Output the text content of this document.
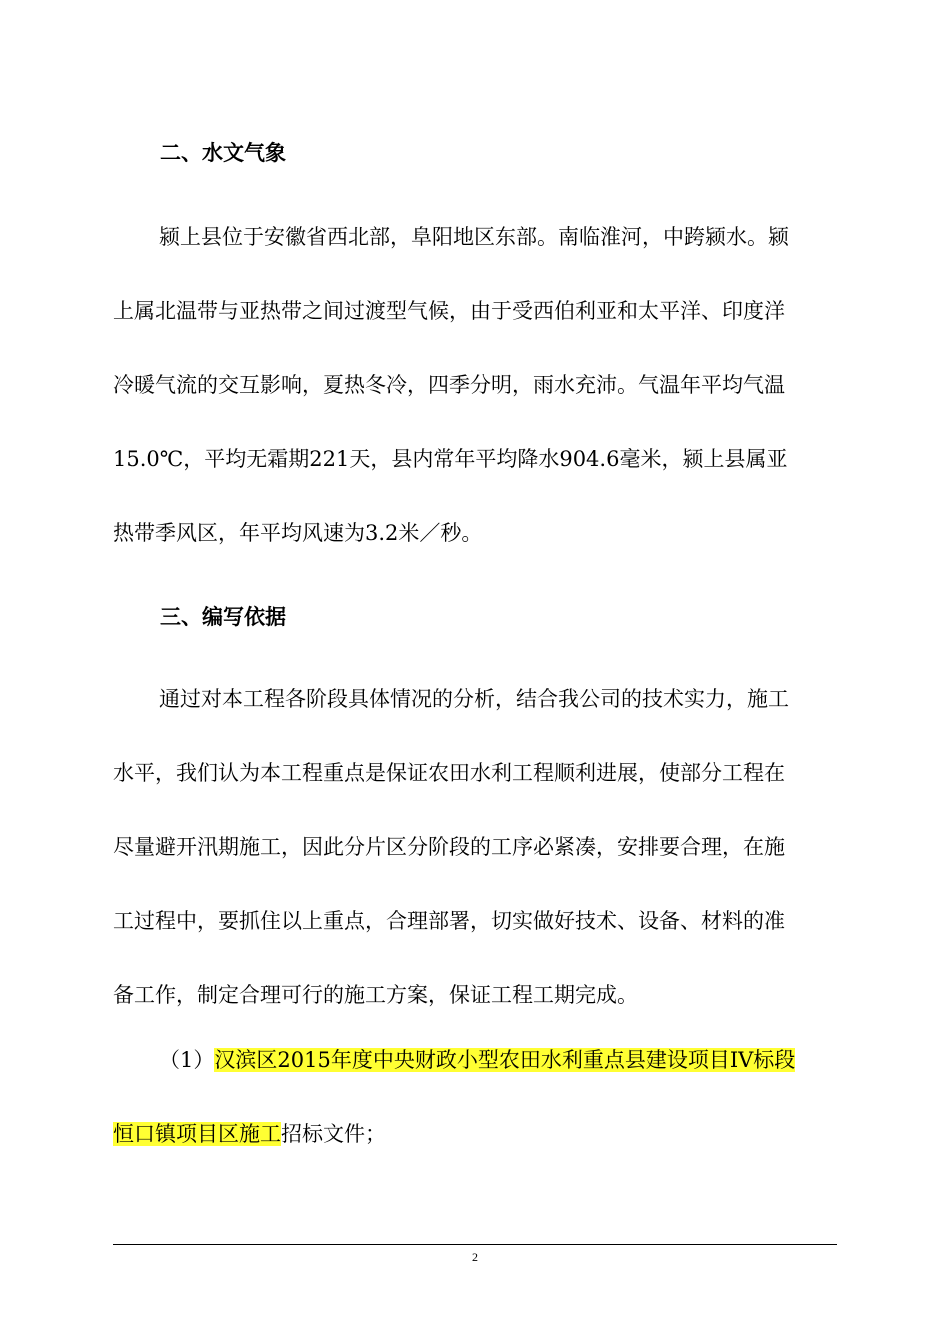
二、水文气象
颍上县位于安徽省西北部，阜阳地区东部。南临淮河，中跨颍水。颍
上属北温带与亚热带之间过渡型气候，由于受西伯利亚和太平洋、印度洋
冷暖气流的交互影响，夏热冬冷，四季分明，雨水充沛。气温年平均气温
15.0℃，平均无霜期221天，县内常年平均降水904.6毫米，颍上县属亚
热带季风区，年平均风速为3.2米／秒。
三、编写依据
通过对本工程各阶段具体情况的分析，结合我公司的技术实力，施工
水平，我们认为本工程重点是保证农田水利工程顺利进展，使部分工程在
尽量避开汛期施工，因此分片区分阶段的工序必紧凑，安排要合理，在施
工过程中，要抓住以上重点，合理部署，切实做好技术、设备、材料的准
备工作，制定合理可行的施工方案，保证工程工期完成。
（1）汉滨区2015年度中央财政小型农田水利重点县建设项目IV标段
恒口镇项目区施工招标文件；
2
